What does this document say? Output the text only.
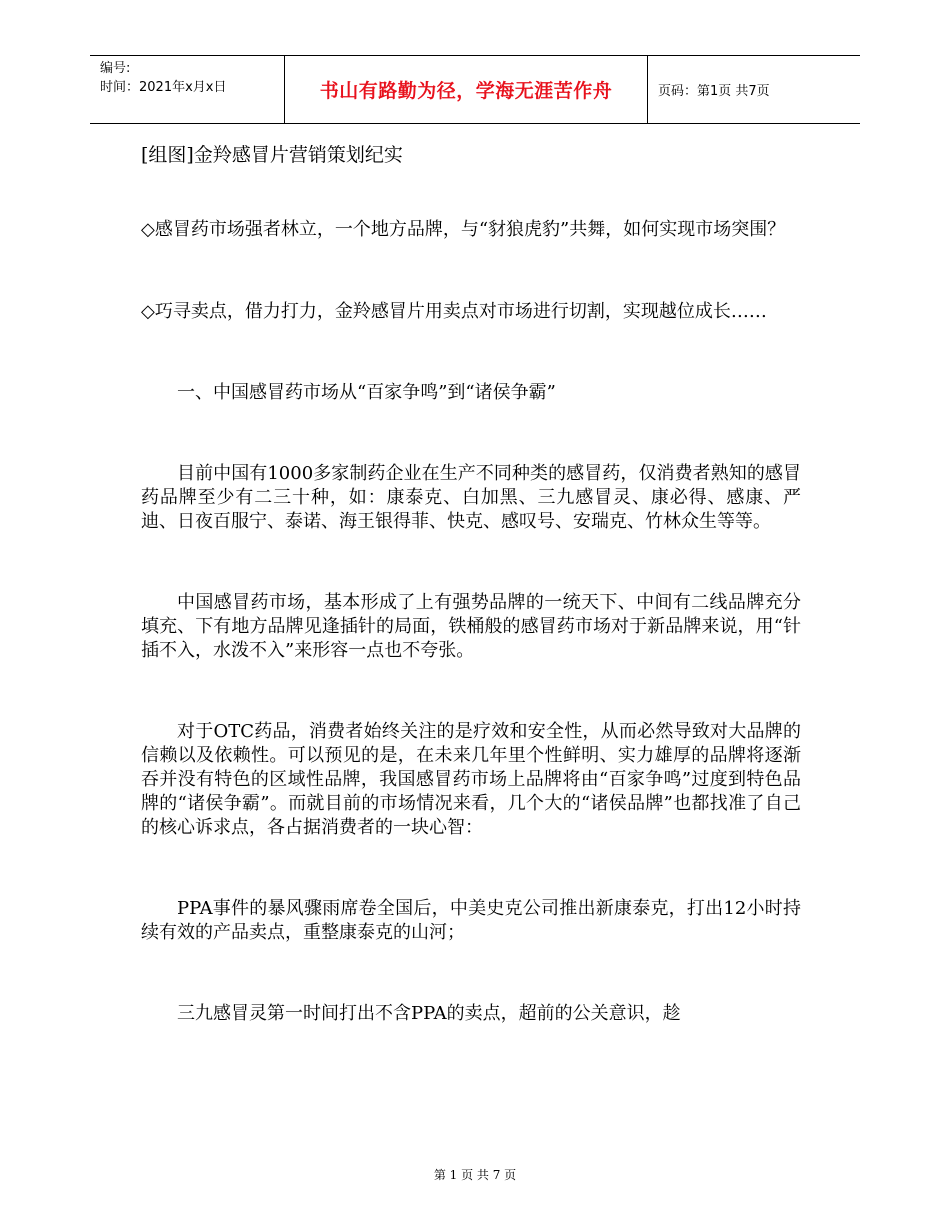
编号:
时间：2021年x月x日	书山有路勤为径，学海无涯苦作舟	页码：第1页 共7页
[组图]金羚感冒片营销策划纪实

◇感冒药市场强者林立，一个地方品牌，与“豺狼虎豹”共舞，如何实现市场突围？

◇巧寻卖点，借力打力，金羚感冒片用卖点对市场进行切割，实现越位成长……

一、中国感冒药市场从“百家争鸣”到“诸侯争霸”

目前中国有1000多家制药企业在生产不同种类的感冒药，仅消费者熟知的感冒药品牌至少有二三十种，如：康泰克、白加黑、三九感冒灵、康必得、感康、严迪、日夜百服宁、泰诺、海王银得菲、快克、感叹号、安瑞克、竹林众生等等。

中国感冒药市场，基本形成了上有强势品牌的一统天下、中间有二线品牌充分填充、下有地方品牌见逢插针的局面，铁桶般的感冒药市场对于新品牌来说，用“针插不入，水泼不入”来形容一点也不夸张。

对于OTC药品，消费者始终关注的是疗效和安全性，从而必然导致对大品牌的信赖以及依赖性。可以预见的是，在未来几年里个性鲜明、实力雄厚的品牌将逐渐吞并没有特色的区域性品牌，我国感冒药市场上品牌将由“百家争鸣”过度到特色品牌的“诸侯争霸”。而就目前的市场情况来看，几个大的“诸侯品牌”也都找准了自己的核心诉求点，各占据消费者的一块心智：

PPA事件的暴风骤雨席卷全国后，中美史克公司推出新康泰克，打出12小时持续有效的产品卖点，重整康泰克的山河；

三九感冒灵第一时间打出不含PPA的卖点，超前的公关意识，趁

第 1 页 共 7 页
